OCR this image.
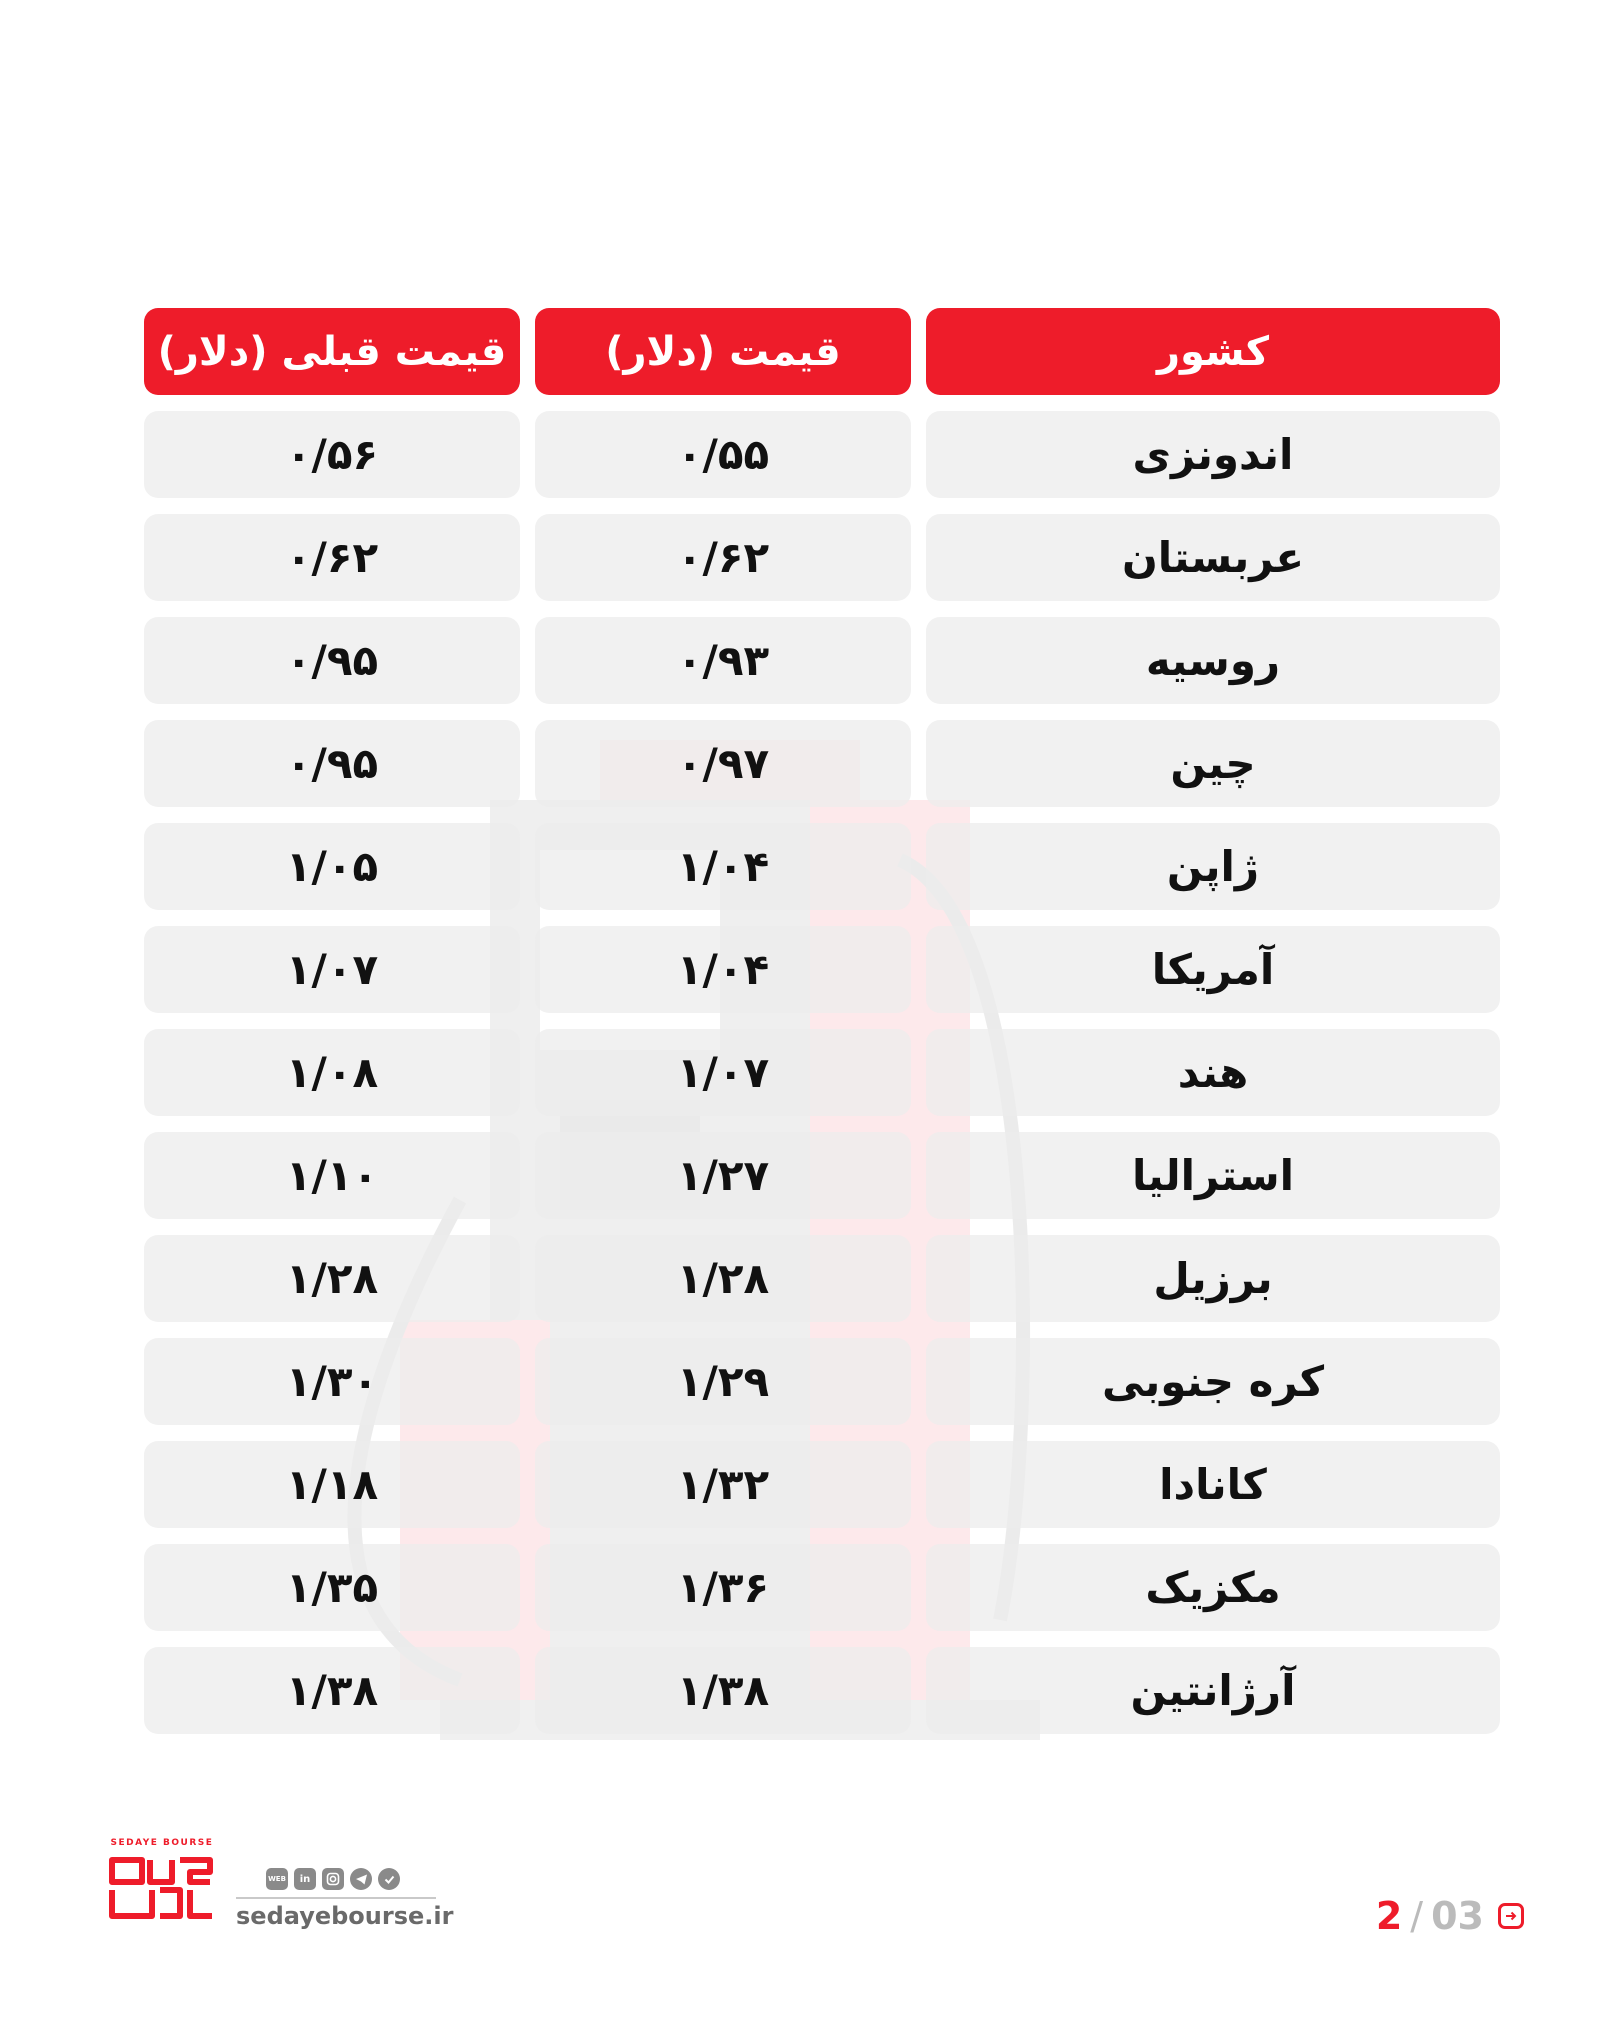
کشور
قیمت (دلار)
قیمت قبلی (دلار)
اندونزی
۰/۵۵
۰/۵۶
عربستان
۰/۶۲
۰/۶۲
روسیه
۰/۹۳
۰/۹۵
چین
۰/۹۷
۰/۹۵
ژاپن
۱/۰۴
۱/۰۵
آمریکا
۱/۰۴
۱/۰۷
هند
۱/۰۷
۱/۰۸
استرالیا
۱/۲۷
۱/۱۰
برزیل
۱/۲۸
۱/۲۸
کره جنوبی
۱/۲۹
۱/۳۰
کانادا
۱/۳۲
۱/۱۸
مکزیک
۱/۳۶
۱/۳۵
آرژانتین
۱/۳۸
۱/۳۸
SEDAYE BOURSE
WEB	in
sedayebourse.ir	2 / 03
